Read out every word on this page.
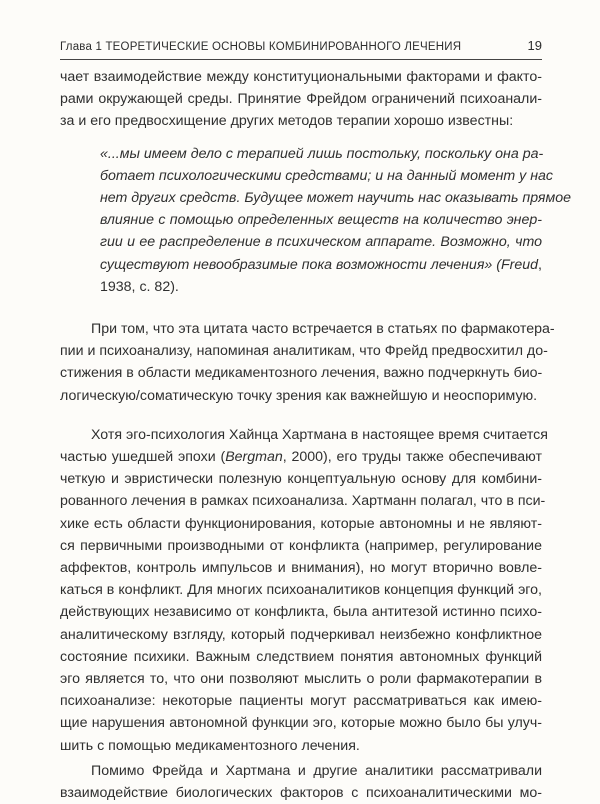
Глава 1 ТЕОРЕТИЧЕСКИЕ ОСНОВЫ КОМБИНИРОВАННОГО ЛЕЧЕНИЯ	19
чает взаимодействие между конституциональными факторами и факто-
рами окружающей среды. Принятие Фрейдом ограничений психоанали-
за и его предвосхищение других методов терапии хорошо известны:
«...мы имеем дело с терапией лишь постольку, поскольку она ра-
ботает психологическими средствами; и на данный момент у нас
нет других средств. Будущее может научить нас оказывать прямое
влияние с помощью определенных веществ на количество энер-
гии и ее распределение в психическом аппарате. Возможно, что
существуют невообразимые пока возможности лечения» (Freud,
1938, с. 82).
При том, что эта цитата часто встречается в статьях по фармакотера-
пии и психоанализу, напоминая аналитикам, что Фрейд предвосхитил до-
стижения в области медикаментозного лечения, важно подчеркнуть био-
логическую/соматическую точку зрения как важнейшую и неоспоримую.
Хотя эго-психология Хайнца Хартмана в настоящее время считается
частью ушедшей эпохи (Bergman, 2000), его труды также обеспечивают
четкую и эвристически полезную концептуальную основу для комбини-
рованного лечения в рамках психоанализа. Хартманн полагал, что в пси-
хике есть области функционирования, которые автономны и не являют-
ся первичными производными от конфликта (например, регулирование
аффектов, контроль импульсов и внимания), но могут вторично вовле-
каться в конфликт. Для многих психоаналитиков концепция функций эго,
действующих независимо от конфликта, была антитезой истинно психо-
аналитическому взгляду, который подчеркивал неизбежно конфликтное
состояние психики. Важным следствием понятия автономных функций
эго является то, что они позволяют мыслить о роли фармакотерапии в
психоанализе: некоторые пациенты могут рассматриваться как имею-
щие нарушения автономной функции эго, которые можно было бы улуч-
шить с помощью медикаментозного лечения.
Помимо Фрейда и Хартмана и другие аналитики рассматривали
взаимодействие биологических факторов с психоаналитическими мо-
